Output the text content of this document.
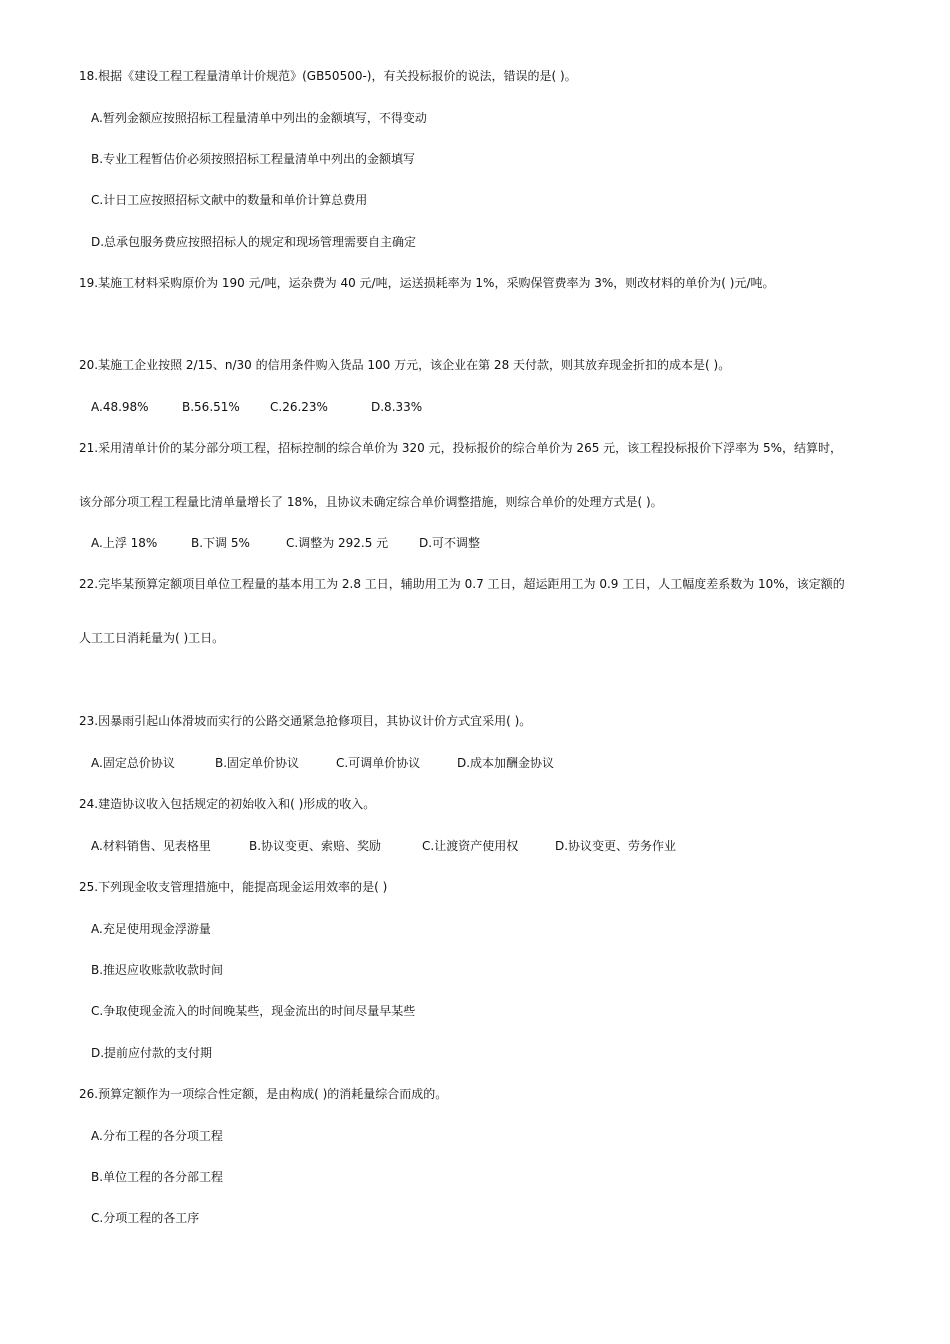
18.根据《建设工程工程量清单计价规范》(GB50500-)，有关投标报价的说法，错误的是( )。
A.暂列金额应按照招标工程量清单中列出的金额填写，不得变动
B.专业工程暂估价必须按照招标工程量清单中列出的金额填写
C.计日工应按照招标文献中的数量和单价计算总费用
D.总承包服务费应按照招标人的规定和现场管理需要自主确定
19.某施工材料采购原价为 190 元/吨，运杂费为 40 元/吨，运送损耗率为 1%，采购保管费率为 3%，则改材料的单价为( )元/吨。
20.某施工企业按照 2/15、n/30 的信用条件购入货品 100 万元，该企业在第 28 天付款，则其放弃现金折扣的成本是( )。
A.48.98%	B.56.51%	C.26.23%	D.8.33%
21.采用清单计价的某分部分项工程，招标控制的综合单价为 320 元，投标报价的综合单价为 265 元，该工程投标报价下浮率为 5%，结算时，
该分部分项工程工程量比清单量增长了 18%，且协议未确定综合单价调整措施，则综合单价的处理方式是( )。
A.上浮 18%	B.下调 5%	C.调整为 292.5 元	D.可不调整
22.完毕某预算定额项目单位工程量的基本用工为 2.8 工日，辅助用工为 0.7 工日，超运距用工为 0.9 工日，人工幅度差系数为 10%，该定额的
人工工日消耗量为( )工日。
23.因暴雨引起山体滑坡而实行的公路交通紧急抢修项目，其协议计价方式宜采用( )。
A.固定总价协议	B.固定单价协议	C.可调单价协议	D.成本加酬金协议
24.建造协议收入包括规定的初始收入和( )形成的收入。
A.材料销售、见表格里	B.协议变更、索赔、奖励	C.让渡资产使用权	D.协议变更、劳务作业
25.下列现金收支管理措施中，能提高现金运用效率的是( )
A.充足使用现金浮游量
B.推迟应收账款收款时间
C.争取使现金流入的时间晚某些，现金流出的时间尽量早某些
D.提前应付款的支付期
26.预算定额作为一项综合性定额，是由构成( )的消耗量综合而成的。
A.分布工程的各分项工程
B.单位工程的各分部工程
C.分项工程的各工序
